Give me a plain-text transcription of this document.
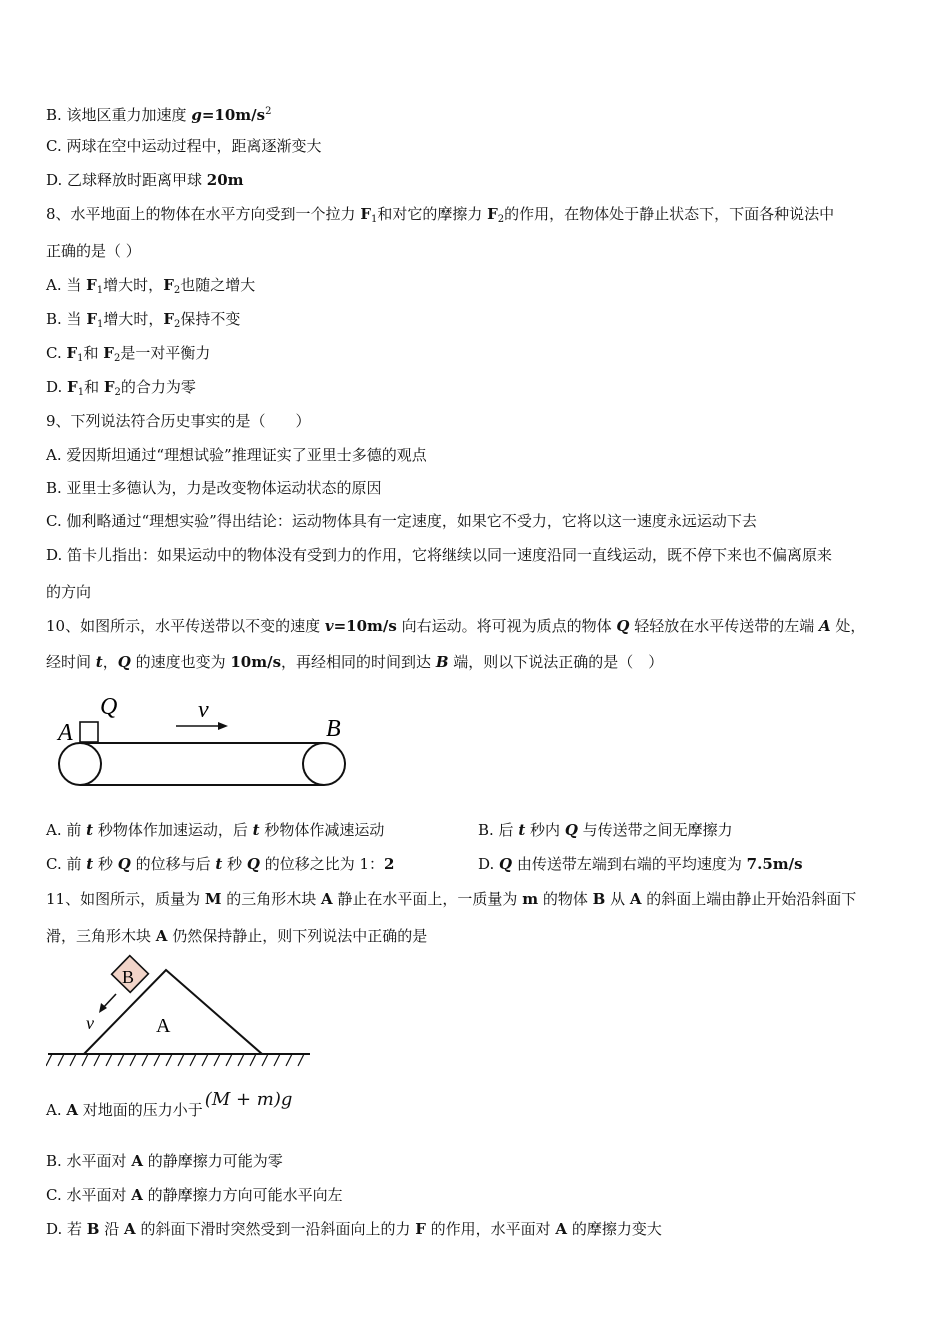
B. 该地区重力加速度 $g=10m/s^2$
C. 两球在空中运动过程中，距离逐渐变大
D. 乙球释放时距离甲球 20m
8、水平地面上的物体在水平方向受到一个拉力 $F_1$和对它的摩擦力 $F_2$的作用，在物体处于静止状态下，下面各种说法中
正确的是（ ）
A. 当 $F_1$增大时，$F_2$也随之增大
B. 当 $F_1$增大时，$F_2$保持不变
C. $F_1$和 $F_2$是一对平衡力
D. $F_1$和 $F_2$的合力为零
9、下列说法符合历史事实的是（　　）
A. 爱因斯坦通过“理想试验”推理证实了亚里士多德的观点
B. 亚里士多德认为，力是改变物体运动状态的原因
C. 伽利略通过“理想实验”得出结论：运动物体具有一定速度，如果它不受力，它将以这一速度永远运动下去
D. 笛卡儿指出：如果运动中的物体没有受到力的作用，它将继续以同一速度沿同一直线运动，既不停下来也不偏离原来
的方向
10、如图所示，水平传送带以不变的速度 v=10m/s 向右运动。将可视为质点的物体 Q 轻轻放在水平传送带的左端 A 处，
经时间 t，Q 的速度也变为 10m/s，再经相同的时间到达 B 端，则以下说法正确的是（　）
A
Q	v
B
A. 前 t 秒物体作加速运动，后 t 秒物体作减速运动	B. 后 t 秒内 Q 与传送带之间无摩擦力
C. 前 t 秒 Q 的位移与后 t 秒 Q 的位移之比为 1：2	D. Q 由传送带左端到右端的平均速度为 7.5m/s
11、如图所示，质量为 M 的三角形木块 A 静止在水平面上，一质量为 m 的物体 B 从 A 的斜面上端由静止开始沿斜面下
滑，三角形木块 A 仍然保持静止，则下列说法中正确的是
B
A
v
A. A 对地面的压力小于 (M + m)g
B. 水平面对 A 的静摩擦力可能为零
C. 水平面对 A 的静摩擦力方向可能水平向左
D. 若 B 沿 A 的斜面下滑时突然受到一沿斜面向上的力 F 的作用，水平面对 A 的摩擦力变大
